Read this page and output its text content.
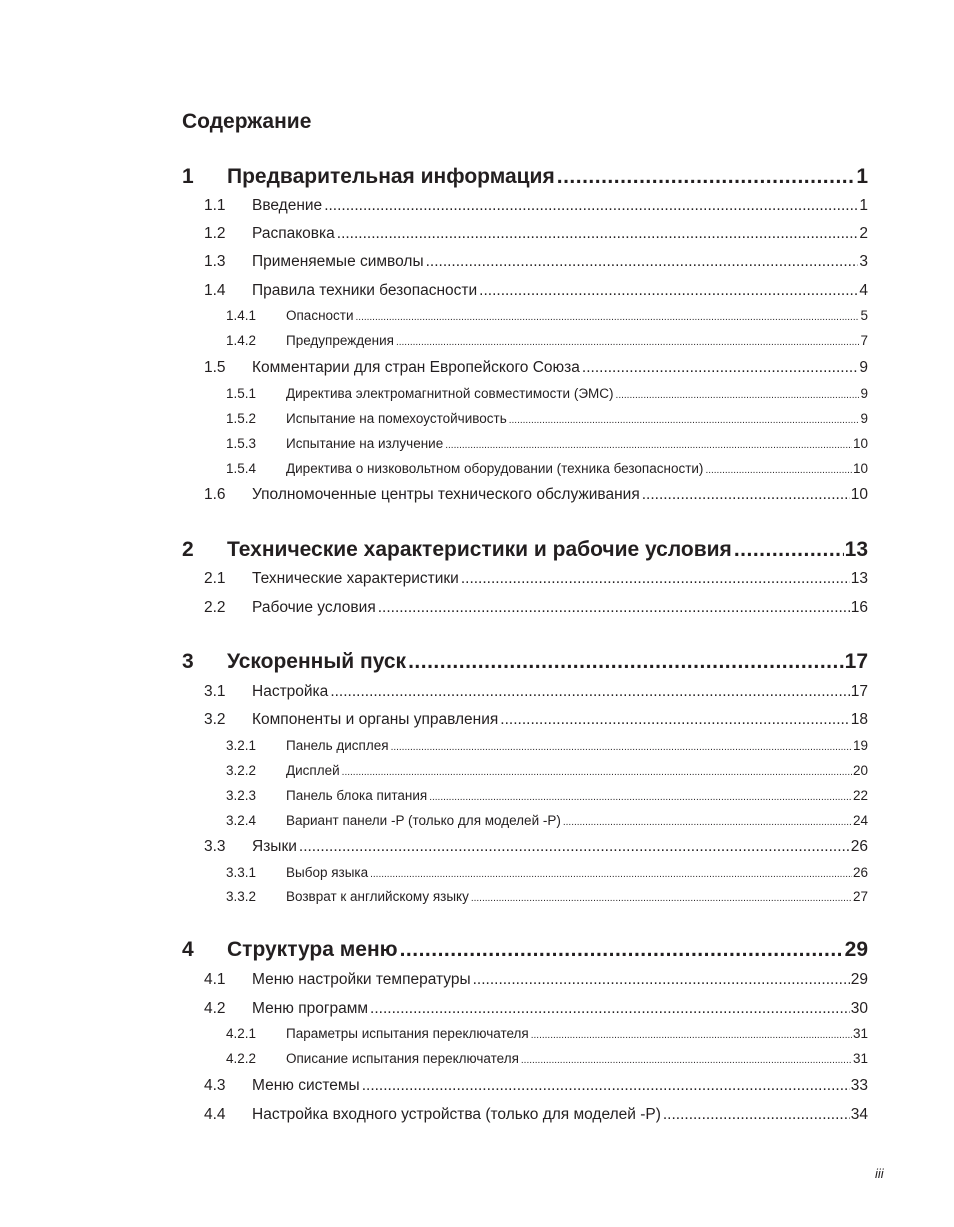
Содержание
1	Предварительная информация .....	1
1.1	Введение .....	1
1.2	Распаковка .....	2
1.3	Применяемые символы .....	3
1.4	Правила техники безопасности .....	4
1.4.1	Опасности .....	5
1.4.2	Предупреждения .....	7
1.5	Комментарии для стран Европейского Союза .....	9
1.5.1	Директива электромагнитной совместимости (ЭМС) .....	9
1.5.2	Испытание на помехоустойчивость .....	9
1.5.3	Испытание на излучение .....	10
1.5.4	Директива о низковольтном оборудовании (техника безопасности) .....	10
1.6	Уполномоченные центры технического обслуживания .....	10
2	Технические характеристики и рабочие условия .....	13
2.1	Технические характеристики .....	13
2.2	Рабочие условия .....	16
3	Ускоренный пуск .....	17
3.1	Настройка .....	17
3.2	Компоненты и органы управления .....	18
3.2.1	Панель дисплея .....	19
3.2.2	Дисплей .....	20
3.2.3	Панель блока питания .....	22
3.2.4	Вариант панели -P (только для моделей -P) .....	24
3.3	Языки .....	26
3.3.1	Выбор языка .....	26
3.3.2	Возврат к английскому языку .....	27
4	Структура меню .....	29
4.1	Меню настройки температуры .....	29
4.2	Меню программ .....	30
4.2.1	Параметры испытания переключателя .....	31
4.2.2	Описание испытания переключателя .....	31
4.3	Меню системы .....	33
4.4	Настройка входного устройства (только для моделей -P) .....	34
iii
